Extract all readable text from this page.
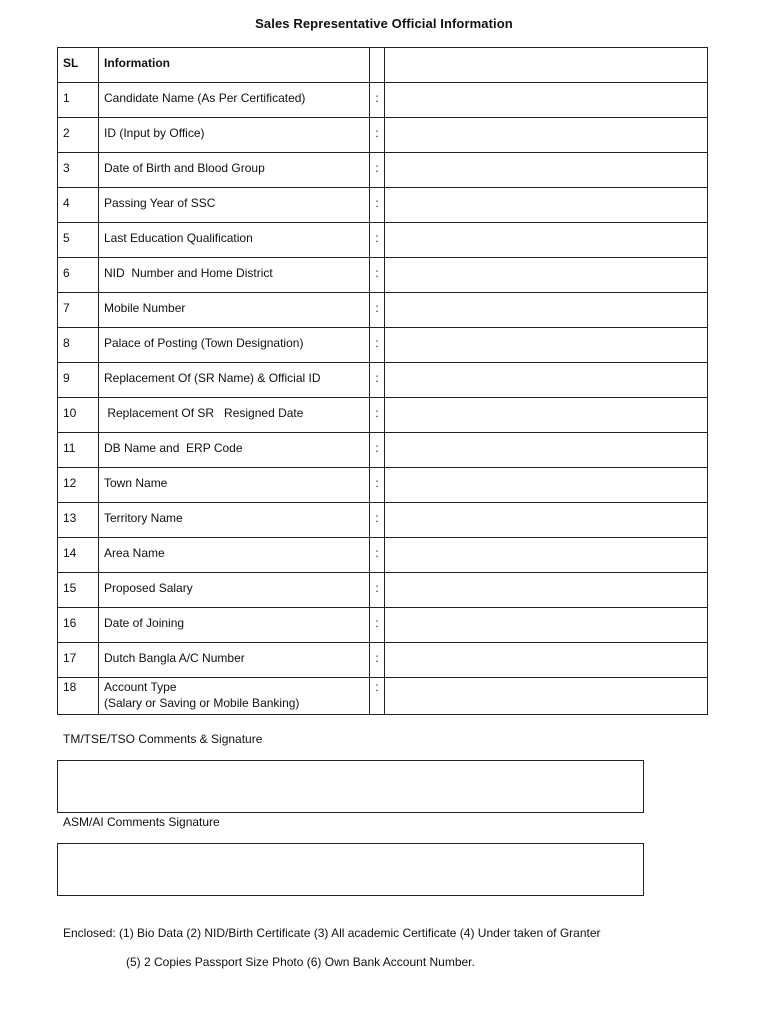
Sales Representative Official Information
SL	Information		
1	Candidate Name (As Per Certificated)	:	
2	ID (Input by Office)	:	
3	Date of Birth and Blood Group	:	
4	Passing Year of SSC	:	
5	Last Education Qualification	:	
6	NID  Number and Home District	:	
7	Mobile Number	:	
8	Palace of Posting (Town Designation)	:	
9	Replacement Of (SR Name) & Official ID	:	
10	Replacement Of SR   Resigned Date	:	
11	DB Name and  ERP Code	:	
12	Town Name	:	
13	Territory Name	:	
14	Area Name	:	
15	Proposed Salary	:	
16	Date of Joining	:	
17	Dutch Bangla A/C Number	:	
18	Account Type
(Salary or Saving or Mobile Banking)	:	
TM/TSE/TSO Comments & Signature
ASM/AI Comments Signature
Enclosed: (1) Bio Data (2) NID/Birth Certificate (3) All academic Certificate (4) Under taken of Granter
(5) 2 Copies Passport Size Photo (6) Own Bank Account Number.
